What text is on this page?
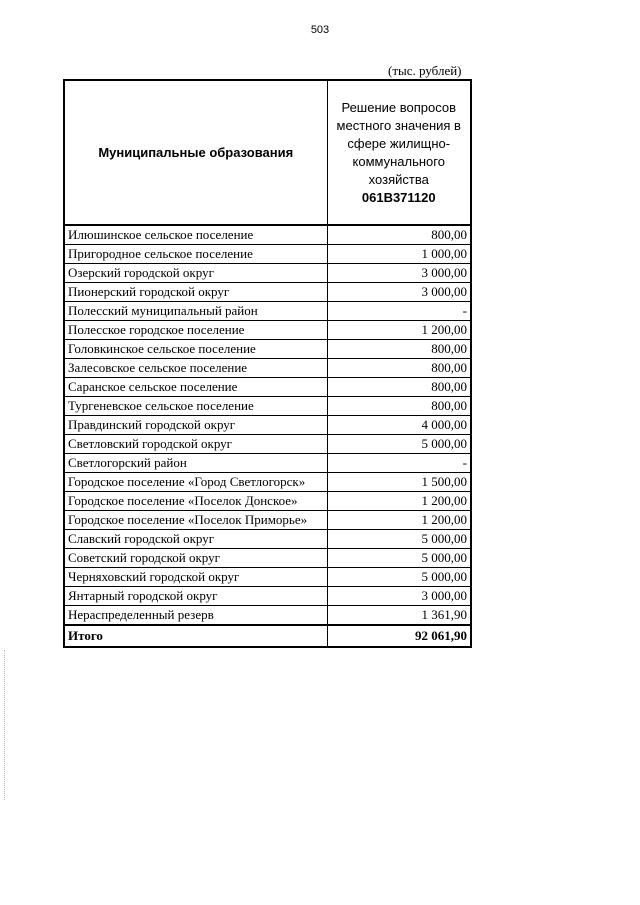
503
(тыс. рублей)
Муниципальные образования	Решение вопросов местного значения в сфере жилищно-коммунального хозяйства
061B371120

Илюшинское сельское поселение	800,00
Пригородное сельское поселение	1 000,00
Озерский городской округ	3 000,00
Пионерский городской округ	3 000,00
Полесский муниципальный район	-
Полесское городское поселение	1 200,00
Головкинское сельское поселение	800,00
Залесовское сельское поселение	800,00
Саранское сельское поселение	800,00
Тургеневское сельское поселение	800,00
Правдинский городской округ	4 000,00
Светловский городской округ	5 000,00
Светлогорский район	-
Городское поселение «Город Светлогорск»	1 500,00
Городское поселение «Поселок Донское»	1 200,00
Городское поселение «Поселок Приморье»	1 200,00
Славский городской округ	5 000,00
Советский городской округ	5 000,00
Черняховский городской округ	5 000,00
Янтарный городской округ	3 000,00
Нераспределенный резерв	1 361,90
Итого	92 061,90
